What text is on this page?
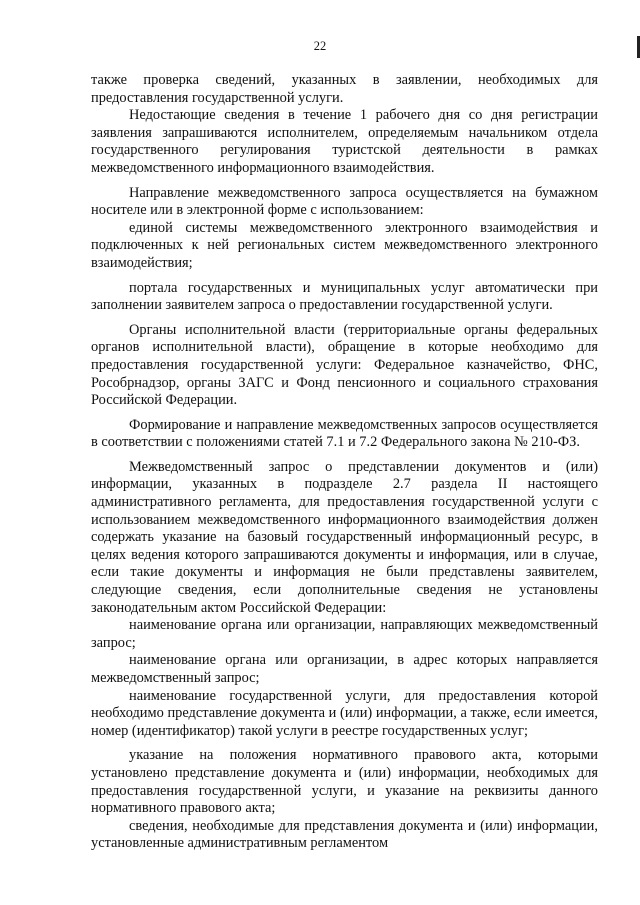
22

также проверка сведений, указанных в заявлении, необходимых для предоставления государственной услуги.

Недостающие сведения в течение 1 рабочего дня со дня регистрации заявления запрашиваются исполнителем, определяемым начальником отдела государственного регулирования туристской деятельности в рамках межведомственного информационного взаимодействия.

Направление межведомственного запроса осуществляется на бумажном носителе или в электронной форме с использованием:

единой системы межведомственного электронного взаимодействия и подключенных к ней региональных систем межведомственного электронного взаимодействия;

портала государственных и муниципальных услуг автоматически при заполнении заявителем запроса о предоставлении государственной услуги.

Органы исполнительной власти (территориальные органы федеральных органов исполнительной власти), обращение в которые необходимо для предоставления государственной услуги: Федеральное казначейство, ФНС, Рособрнадзор, органы ЗАГС и Фонд пенсионного и социального страхования Российской Федерации.

Формирование и направление межведомственных запросов осуществляется в соответствии с положениями статей 7.1 и 7.2 Федерального закона № 210-ФЗ.

Межведомственный запрос о представлении документов и (или) информации, указанных в подразделе 2.7 раздела II настоящего административного регламента, для предоставления государственной услуги с использованием межведомственного информационного взаимодействия должен содержать указание на базовый государственный информационный ресурс, в целях ведения которого запрашиваются документы и информация, или в случае, если такие документы и информация не были представлены заявителем, следующие сведения, если дополнительные сведения не установлены законодательным актом Российской Федерации:

наименование органа или организации, направляющих межведомственный запрос;

наименование органа или организации, в адрес которых направляется межведомственный запрос;

наименование государственной услуги, для предоставления которой необходимо представление документа и (или) информации, а также, если имеется, номер (идентификатор) такой услуги в реестре государственных услуг;

указание на положения нормативного правового акта, которыми установлено представление документа и (или) информации, необходимых для предоставления государственной услуги, и указание на реквизиты данного нормативного правового акта;

сведения, необходимые для представления документа и (или) информации, установленные административным регламентом
